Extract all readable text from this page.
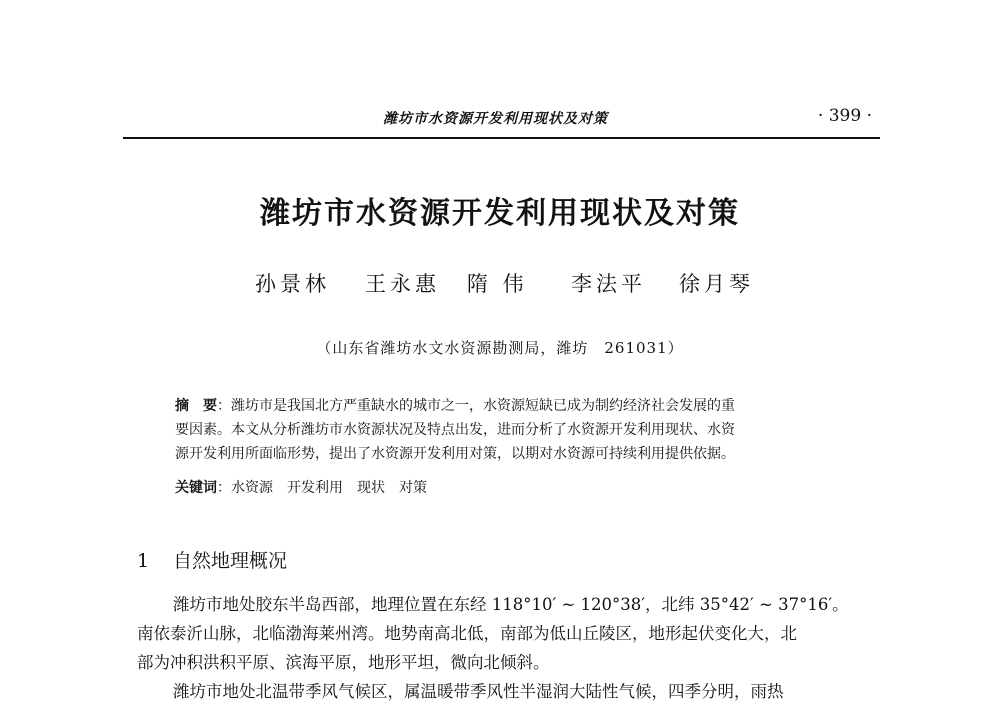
潍坊市水资源开发利用现状及对策	· 399 ·
潍坊市水资源开发利用现状及对策
孙景林 王永惠 隋 伟 李法平 徐月琴
（山东省潍坊水文水资源勘测局，潍坊　261031）
摘　要：潍坊市是我国北方严重缺水的城市之一，水资源短缺已成为制约经济社会发展的重
要因素。本文从分析潍坊市水资源状况及特点出发，进而分析了水资源开发利用现状、水资
源开发利用所面临形势，提出了水资源开发利用对策，以期对水资源可持续利用提供依据。
关键词：水资源 开发利用 现状 对策
1 自然地理概况
潍坊市地处胶东半岛西部，地理位置在东经 118°10′ ~ 120°38′，北纬 35°42′ ~ 37°16′。
南依泰沂山脉，北临渤海莱州湾。地势南高北低，南部为低山丘陵区，地形起伏变化大，北
部为冲积洪积平原、滨海平原，地形平坦，微向北倾斜。
潍坊市地处北温带季风气候区，属温暖带季风性半湿润大陆性气候，四季分明，雨热
